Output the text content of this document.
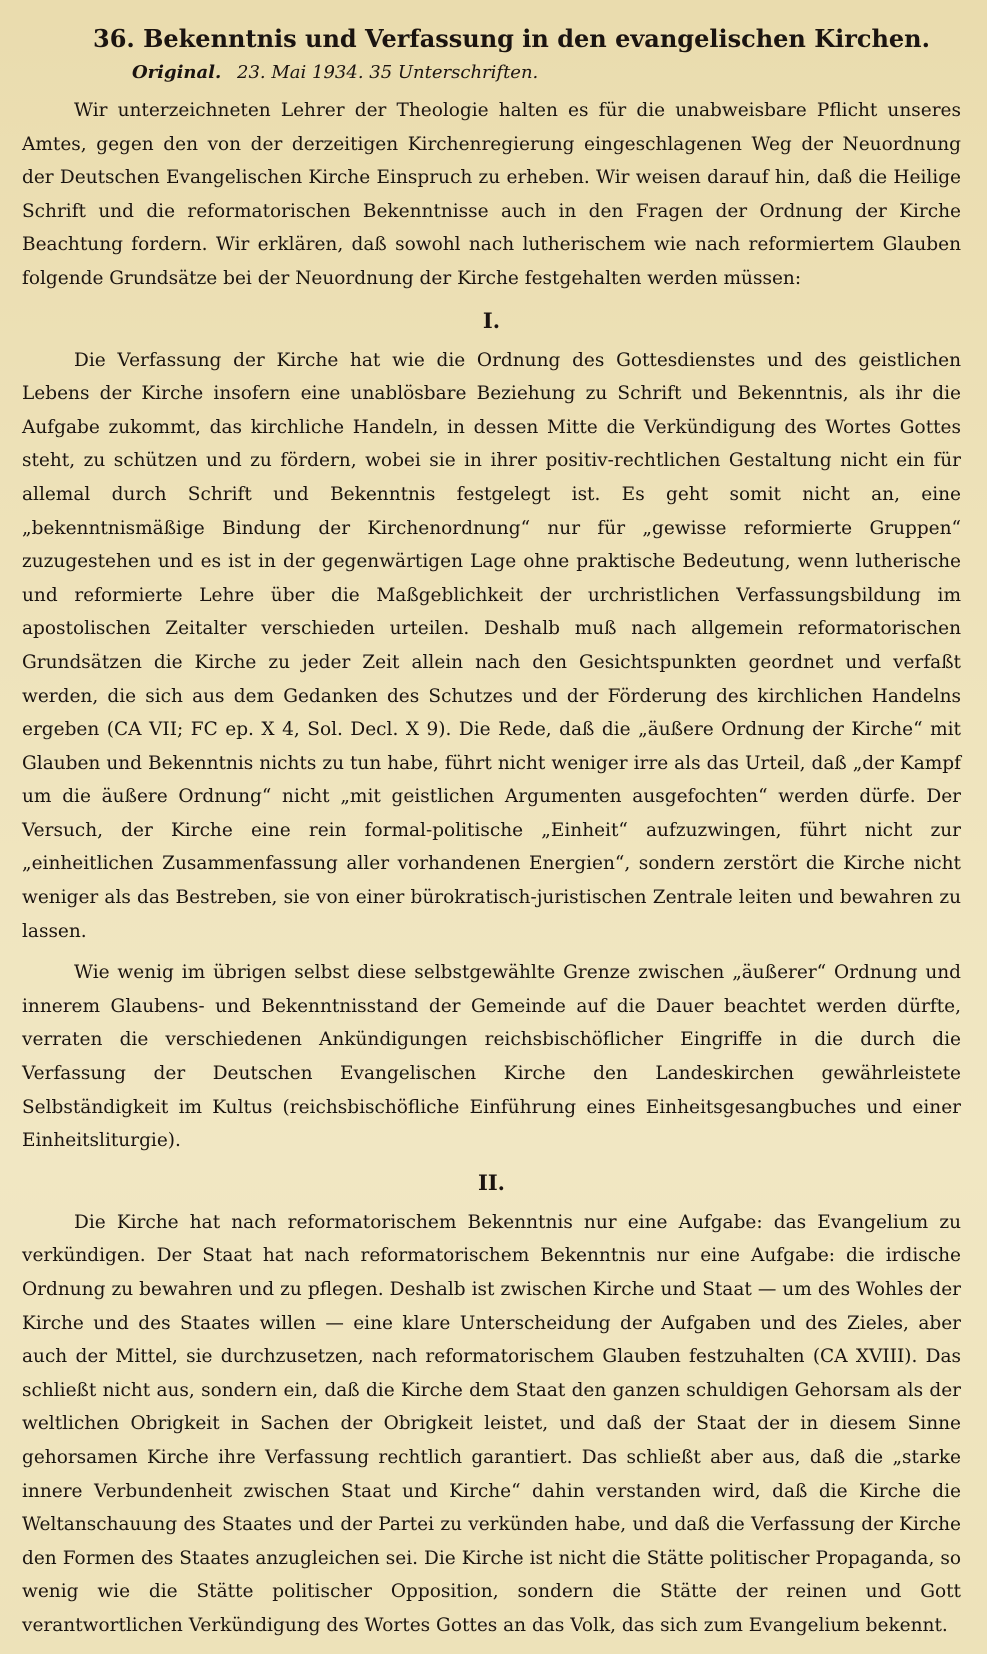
36. Bekenntnis und Verfassung in den evangelischen Kirchen.
Original. 23. Mai 1934. 35 Unterschriften.

Wir unterzeichneten Lehrer der Theologie halten es für die unabweisbare Pflicht unseres Amtes, gegen den von der derzeitigen Kirchenregierung eingeschlagenen Weg der Neuordnung der Deutschen Evangelischen Kirche Einspruch zu erheben. Wir weisen darauf hin, daß die Heilige Schrift und die reformatorischen Bekenntnisse auch in den Fragen der Ordnung der Kirche Beachtung fordern. Wir erklären, daß sowohl nach lutherischem wie nach reformiertem Glauben folgende Grundsätze bei der Neuordnung der Kirche festgehalten werden müssen:

I.

Die Verfassung der Kirche hat wie die Ordnung des Gottesdienstes und des geistlichen Lebens der Kirche insofern eine unablösbare Beziehung zu Schrift und Bekenntnis, als ihr die Aufgabe zukommt, das kirchliche Handeln, in dessen Mitte die Verkündigung des Wortes Gottes steht, zu schützen und zu fördern, wobei sie in ihrer positiv-rechtlichen Gestaltung nicht ein für allemal durch Schrift und Bekenntnis festgelegt ist. Es geht somit nicht an, eine „bekenntnismäßige Bindung der Kirchenordnung“ nur für „gewisse reformierte Gruppen“ zuzugestehen und es ist in der gegenwärtigen Lage ohne praktische Bedeutung, wenn lutherische und reformierte Lehre über die Maßgeblichkeit der urchristlichen Verfassungsbildung im apostolischen Zeitalter verschieden urteilen. Deshalb muß nach allgemein reformatorischen Grundsätzen die Kirche zu jeder Zeit allein nach den Gesichtspunkten geordnet und verfaßt werden, die sich aus dem Gedanken des Schutzes und der Förderung des kirchlichen Handelns ergeben (CA VII; FC ep. X 4, Sol. Decl. X 9). Die Rede, daß die „äußere Ordnung der Kirche“ mit Glauben und Bekenntnis nichts zu tun habe, führt nicht weniger irre als das Urteil, daß „der Kampf um die äußere Ordnung“ nicht „mit geistlichen Argumenten ausgefochten“ werden dürfe. Der Versuch, der Kirche eine rein formal-politische „Einheit“ aufzuzwingen, führt nicht zur „einheitlichen Zusammenfassung aller vorhandenen Energien“, sondern zerstört die Kirche nicht weniger als das Bestreben, sie von einer bürokratisch-juristischen Zentrale leiten und bewahren zu lassen.

Wie wenig im übrigen selbst diese selbstgewählte Grenze zwischen „äußerer“ Ordnung und innerem Glaubens- und Bekenntnisstand der Gemeinde auf die Dauer beachtet werden dürfte, verraten die verschiedenen Ankündigungen reichsbischöflicher Eingriffe in die durch die Verfassung der Deutschen Evangelischen Kirche den Landeskirchen gewährleistete Selbständigkeit im Kultus (reichsbischöfliche Einführung eines Einheitsgesangbuches und einer Einheitsliturgie).

II.

Die Kirche hat nach reformatorischem Bekenntnis nur eine Aufgabe: das Evangelium zu verkündigen. Der Staat hat nach reformatorischem Bekenntnis nur eine Aufgabe: die irdische Ordnung zu bewahren und zu pflegen. Deshalb ist zwischen Kirche und Staat — um des Wohles der Kirche und des Staates willen — eine klare Unterscheidung der Aufgaben und des Zieles, aber auch der Mittel, sie durchzusetzen, nach reformatorischem Glauben festzuhalten (CA XVIII). Das schließt nicht aus, sondern ein, daß die Kirche dem Staat den ganzen schuldigen Gehorsam als der weltlichen Obrigkeit in Sachen der Obrigkeit leistet, und daß der Staat der in diesem Sinne gehorsamen Kirche ihre Verfassung rechtlich garantiert. Das schließt aber aus, daß die „starke innere Verbundenheit zwischen Staat und Kirche“ dahin verstanden wird, daß die Kirche die Weltanschauung des Staates und der Partei zu verkünden habe, und daß die Verfassung der Kirche den Formen des Staates anzugleichen sei. Die Kirche ist nicht die Stätte politischer Propaganda, so wenig wie die Stätte politischer Opposition, sondern die Stätte der reinen und Gott verantwortlichen Verkündigung des Wortes Gottes an das Volk, das sich zum Evangelium bekennt.
